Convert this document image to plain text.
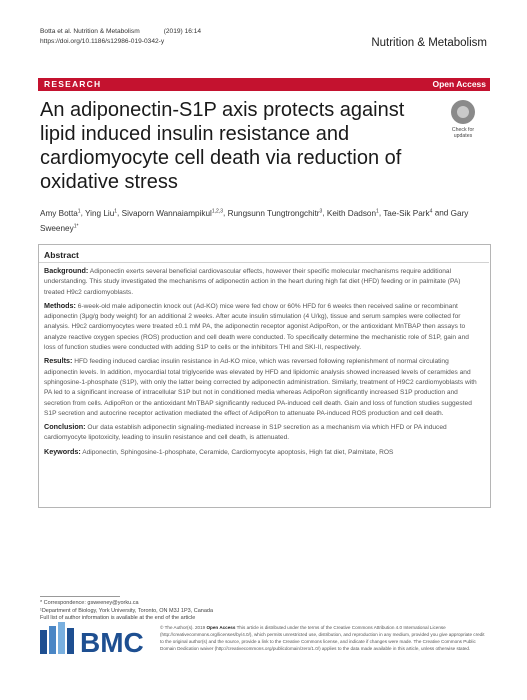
Botta et al. Nutrition & Metabolism	(2019) 16:14
https://doi.org/10.1186/s12986-019-0342-y	Nutrition & Metabolism
RESEARCH	Open Access
An adiponectin-S1P axis protects against lipid induced insulin resistance and cardiomyocyte cell death via reduction of oxidative stress
Check for
updates
Amy Botta$^1$, Ying Liu$^1$, Sivaporn Wannaiampikul$^{1,2,3}$, Rungsunn Tungtrongchitr$^3$, Keith Dadson$^1$, Tae-Sik Park$^4$ and Gary Sweeney$^{1*}$
Abstract

Background: Adiponectin exerts several beneficial cardiovascular effects, however their specific molecular mechanisms require additional understanding. This study investigated the mechanisms of adiponectin action in the heart during high fat diet (HFD) feeding or in palmitate (PA) treated H9c2 cardiomyoblasts.

Methods: 6-week-old male adiponectin knock out (Ad-KO) mice were fed chow or 60% HFD for 6 weeks then received saline or recombinant adiponectin (3μg/g body weight) for an additional 2 weeks. After acute insulin stimulation (4 U/kg), tissue and serum samples were collected for analysis. H9c2 cardiomyocytes were treated ±0.1 mM PA, the adiponectin receptor agonist AdipoRon, or the antioxidant MnTBAP then assays to analyze reactive oxygen species (ROS) production and cell death were conducted. To specifically determine the mechanistic role of S1P, gain and loss of function studies were conducted with adding S1P to cells or the inhibitors THI and SKI-II, respectively.

Results: HFD feeding induced cardiac insulin resistance in Ad-KO mice, which was reversed following replenishment of normal circulating adiponectin levels. In addition, myocardial total triglyceride was elevated by HFD and lipidomic analysis showed increased levels of ceramides and sphingosine-1-phosphate (S1P), with only the latter being corrected by adiponectin administration. Similarly, treatment of H9C2 cardiomyoblasts with PA led to a significant increase of intracellular S1P but not in conditioned media whereas AdipoRon significantly increased S1P production and secretion from cells. AdipoRon or the antioxidant MnTBAP significantly reduced PA-induced cell death. Gain and loss of function studies suggested S1P secretion and autocrine receptor activation mediated the effect of AdipoRon to attenuate PA-induced ROS production and cell death.

Conclusion: Our data establish adiponectin signaling-mediated increase in S1P secretion as a mechanism via which HFD or PA induced cardiomyocyte lipotoxicity, leading to insulin resistance and cell death, is attenuated.

Keywords: Adiponectin, Sphingosine-1-phosphate, Ceramide, Cardiomyocyte apoptosis, High fat diet, Palmitate, ROS

* Correspondence: gsweeney@yorku.ca
¹Department of Biology, York University, Toronto, ON M3J 1P3, Canada
Full list of author information is available at the end of the article
BMC	© The Author(s). 2019 Open Access This article is distributed under the terms of the Creative Commons Attribution 4.0 International License (http://creativecommons.org/licenses/by/4.0/), which permits unrestricted use, distribution, and reproduction in any medium, provided you give appropriate credit to the original author(s) and the source, provide a link to the Creative Commons license, and indicate if changes were made. The Creative Commons Public Domain Dedication waiver (http://creativecommons.org/publicdomain/zero/1.0/) applies to the data made available in this article, unless otherwise stated.
